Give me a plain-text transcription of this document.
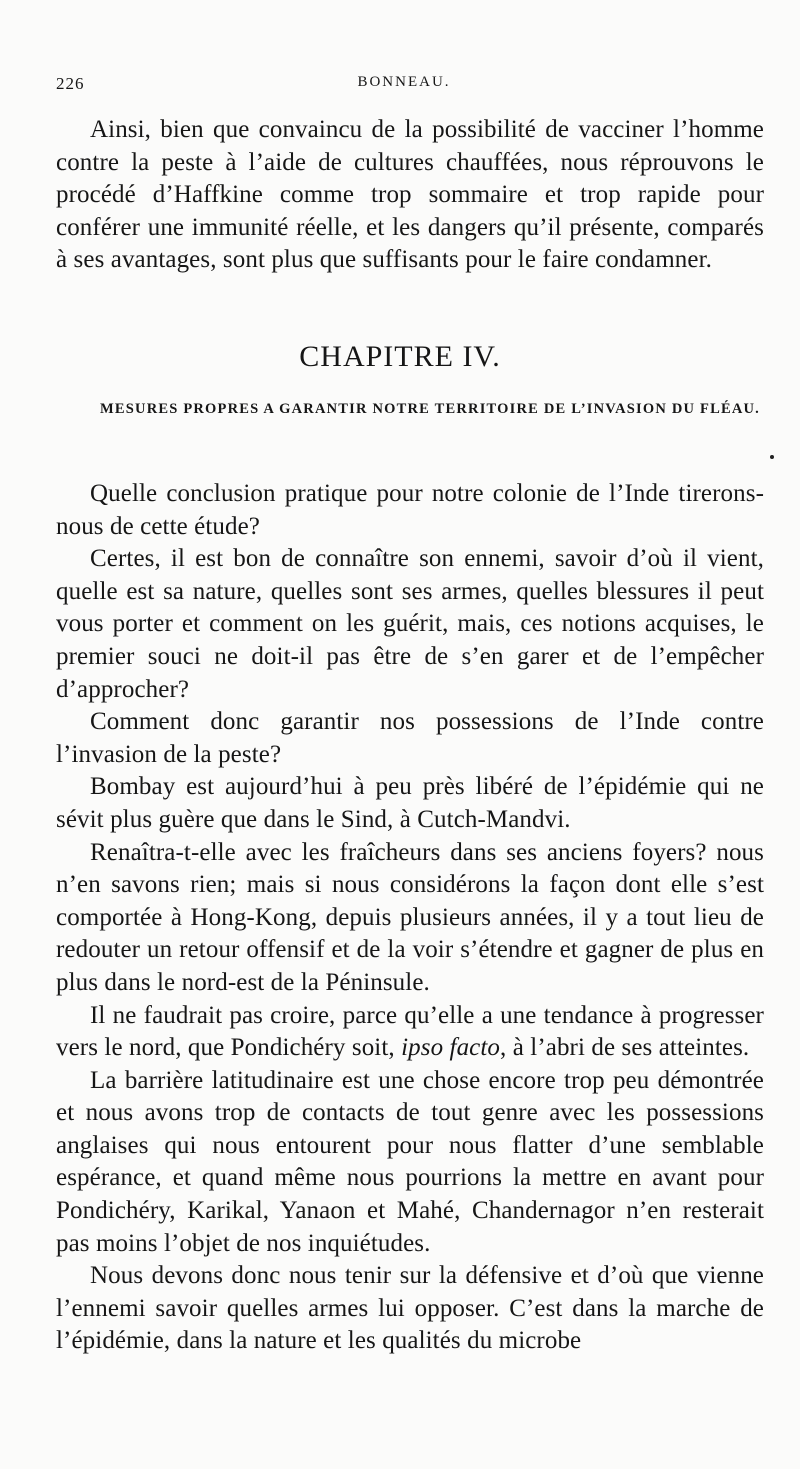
226	BONNEAU.

Ainsi, bien que convaincu de la possibilité de vacciner l’homme contre la peste à l’aide de cultures chauffées, nous réprouvons le procédé d’Haffkine comme trop sommaire et trop rapide pour conférer une immunité réelle, et les dangers qu’il présente, comparés à ses avantages, sont plus que suffisants pour le faire condamner.

CHAPITRE IV.
MESURES PROPRES A GARANTIR NOTRE TERRITOIRE DE L’INVASION DU FLÉAU.

Quelle conclusion pratique pour notre colonie de l’Inde tirerons-nous de cette étude?

Certes, il est bon de connaître son ennemi, savoir d’où il vient, quelle est sa nature, quelles sont ses armes, quelles blessures il peut vous porter et comment on les guérit, mais, ces notions acquises, le premier souci ne doit-il pas être de s’en garer et de l’empêcher d’approcher?

Comment donc garantir nos possessions de l’Inde contre l’invasion de la peste?

Bombay est aujourd’hui à peu près libéré de l’épidémie qui ne sévit plus guère que dans le Sind, à Cutch-Mandvi.

Renaîtra-t-elle avec les fraîcheurs dans ses anciens foyers? nous n’en savons rien; mais si nous considérons la façon dont elle s’est comportée à Hong-Kong, depuis plusieurs années, il y a tout lieu de redouter un retour offensif et de la voir s’étendre et gagner de plus en plus dans le nord-est de la Péninsule.

Il ne faudrait pas croire, parce qu’elle a une tendance à progresser vers le nord, que Pondichéry soit, ipso facto, à l’abri de ses atteintes.

La barrière latitudinaire est une chose encore trop peu démontrée et nous avons trop de contacts de tout genre avec les possessions anglaises qui nous entourent pour nous flatter d’une semblable espérance, et quand même nous pourrions la mettre en avant pour Pondichéry, Karikal, Yanaon et Mahé, Chandernagor n’en resterait pas moins l’objet de nos inquiétudes.

Nous devons donc nous tenir sur la défensive et d’où que vienne l’ennemi savoir quelles armes lui opposer. C’est dans la marche de l’épidémie, dans la nature et les qualités du microbe
